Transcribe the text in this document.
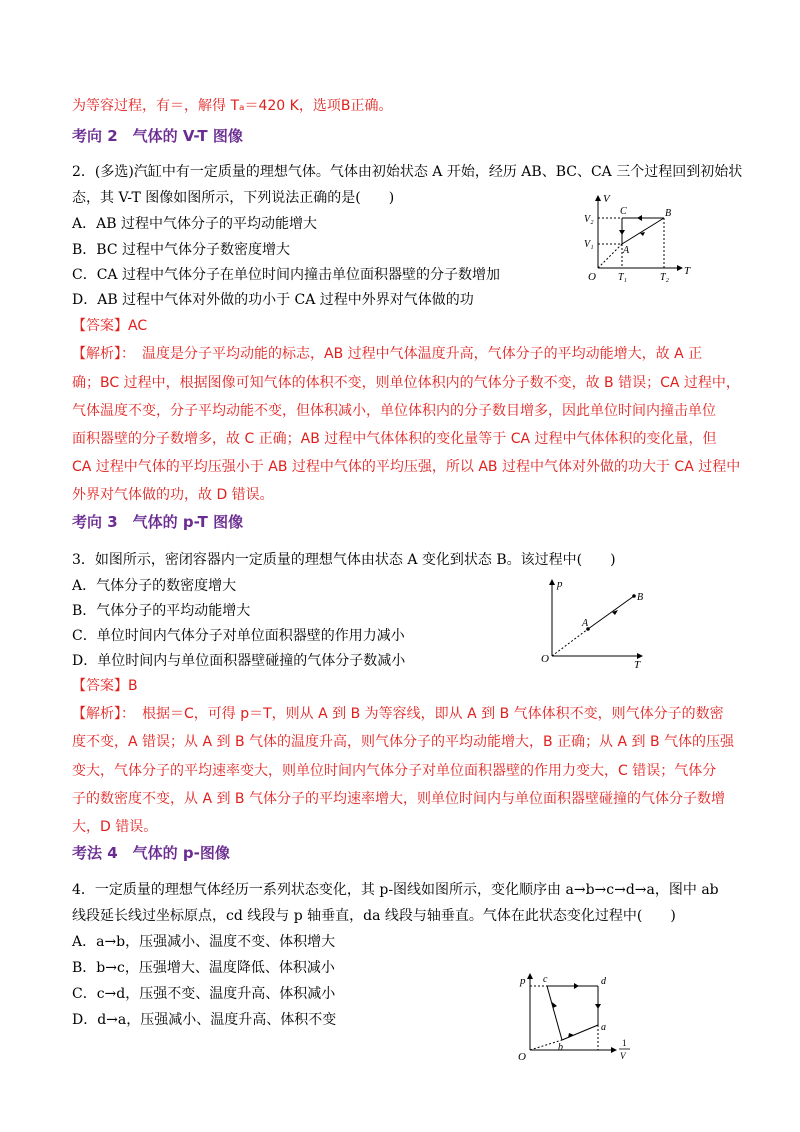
为等容过程，有＝，解得 Tₐ＝420 K，选项B正确。
考向 2　气体的 V-T 图像
2．(多选)汽缸中有一定质量的理想气体。气体由初始状态 A 开始，经历 AB、BC、CA 三个过程回到初始状
态，其 V-T 图像如图所示，下列说法正确的是(　　)
A．AB 过程中气体分子的平均动能增大
B．BC 过程中气体分子数密度增大
C．CA 过程中气体分子在单位时间内撞击单位面积器壁的分子数增加
D．AB 过程中气体对外做的功小于 CA 过程中外界对气体做的功
【答案】AC
【解析】：　温度是分子平均动能的标志，AB 过程中气体温度升高，气体分子的平均动能增大，故 A 正
确；BC 过程中，根据图像可知气体的体积不变，则单位体积内的气体分子数不变，故 B 错误；CA 过程中，
气体温度不变，分子平均动能不变，但体积减小，单位体积内的分子数目增多，因此单位时间内撞击单位
面积器壁的分子数增多，故 C 正确；AB 过程中气体体积的变化量等于 CA 过程中气体体积的变化量，但
CA 过程中气体的平均压强小于 AB 过程中气体的平均压强，所以 AB 过程中气体对外做的功大于 CA 过程中
外界对气体做的功，故 D 错误。
V
T
O
V₂
V₁
T₁	T₂
C	B
A
考向 3　气体的 p-T 图像
3．如图所示，密闭容器内一定质量的理想气体由状态 A 变化到状态 B。该过程中(　　)
A．气体分子的数密度增大
B．气体分子的平均动能增大
C．单位时间内气体分子对单位面积器壁的作用力减小
D．单位时间内与单位面积器壁碰撞的气体分子数减小
【答案】B
【解析】：　根据＝C，可得 p＝T，则从 A 到 B 为等容线，即从 A 到 B 气体体积不变，则气体分子的数密
度不变，A 错误；从 A 到 B 气体的温度升高，则气体分子的平均动能增大，B 正确；从 A 到 B 气体的压强
变大，气体分子的平均速率变大，则单位时间内气体分子对单位面积器壁的作用力变大，C 错误；气体分
子的数密度不变，从 A 到 B 气体分子的平均速率增大，则单位时间内与单位面积器壁碰撞的气体分子数增
大，D 错误。
p
T
O
A
B
考法 4　气体的 p-图像
4．一定质量的理想气体经历一系列状态变化，其 p-图线如图所示，变化顺序由 a→b→c→d→a，图中 ab
线段延长线过坐标原点，cd 线段与 p 轴垂直，da 线段与轴垂直。气体在此状态变化过程中(　　)
A．a→b，压强减小、温度不变、体积增大
B．b→c，压强增大、温度降低、体积减小
C．c→d，压强不变、温度升高、体积减小
D．d→a，压强减小、温度升高、体积不变
p
O
c	d
a
b	1
V
